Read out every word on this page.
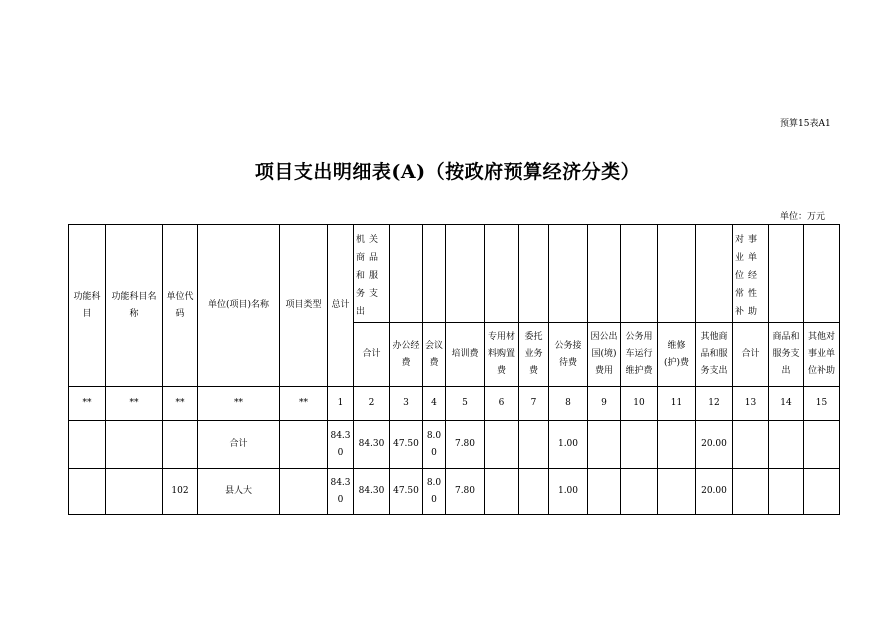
预算15表A1
项目支出明细表(A)（按政府预算经济分类）
单位：万元
功能科目	功能科目名称	单位代码	单位(项目)名称	项目类型	总计	机关商品和服务支出											对事业单位经常性补助		
						合计	办公经费	会议费	培训费	专用材料购置费	委托业务费	公务接待费	因公出国(境)费用	公务用车运行维护费	维修(护)费	其他商品和服务支出	合计	商品和服务支出	其他对事业单位补助
**	**	**	**	**	1	2	3	4	5	6	7	8	9	10	11	12	13	14	15
			合计		84.30	84.30	47.50	8.00	7.80			1.00				20.00			
		102	县人大		84.30	84.30	47.50	8.00	7.80			1.00				20.00			
